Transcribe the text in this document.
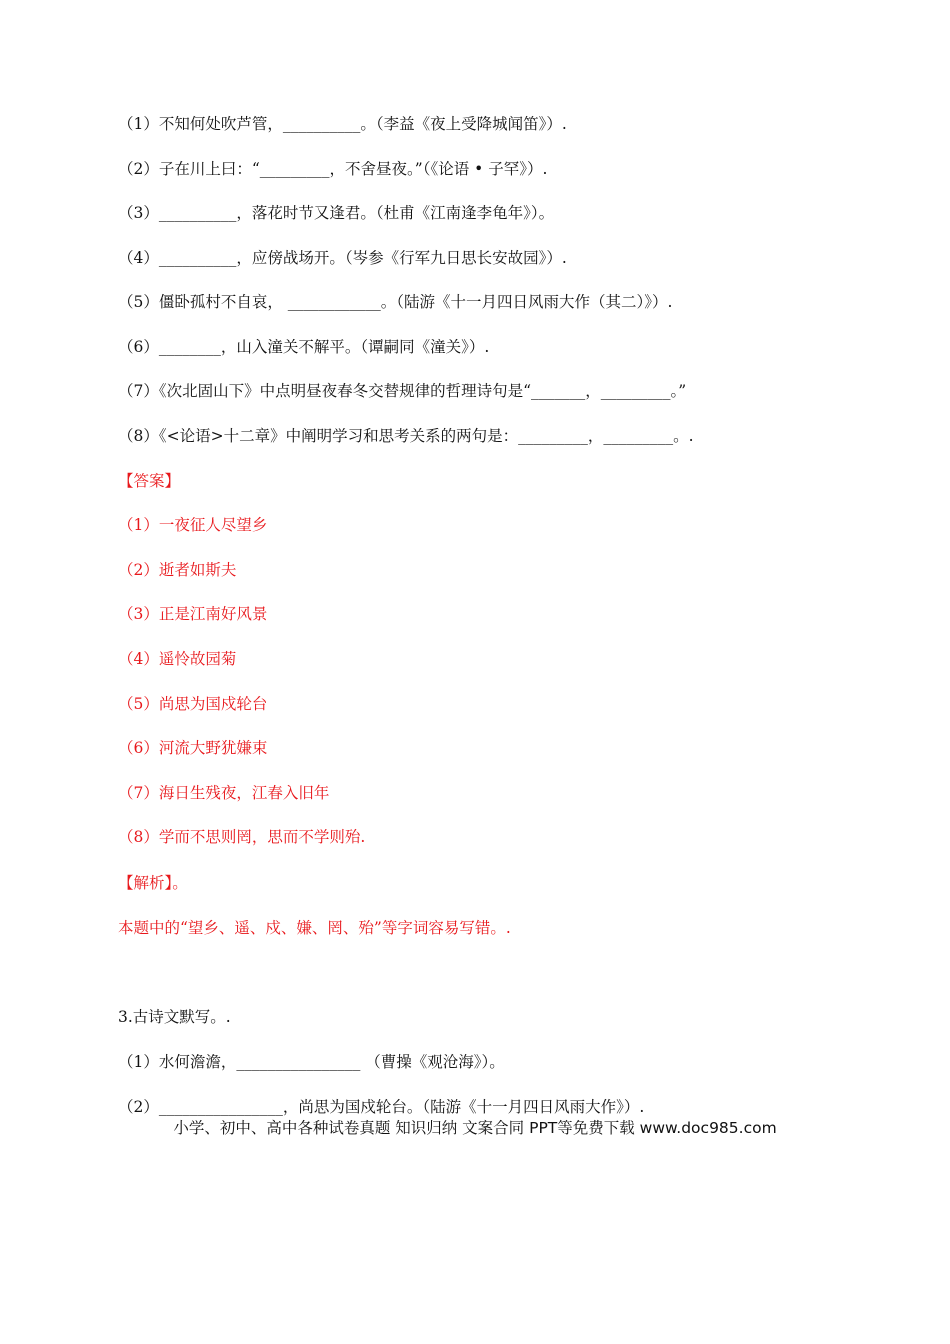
（1）不知何处吹芦管，__________。（李益《夜上受降城闻笛》）.
（2）子在川上曰：“_________，不舍昼夜。”（《论语 • 子罕》）.
（3）__________，落花时节又逢君。（杜甫《江南逢李龟年》）。
（4）__________，应傍战场开。（岑参《行军九日思长安故园》）.
（5）僵卧孤村不自哀， ____________。（陆游《十一月四日风雨大作（其二）》）.
（6）________，山入潼关不解平。（谭嗣同《潼关》）.
（7）《次北固山下》中点明昼夜春冬交替规律的哲理诗句是“_______，_________。”
（8）《<论语>十二章》中阐明学习和思考关系的两句是：_________，_________。.
【答案】
（1）一夜征人尽望乡
（2）逝者如斯夫
（3）正是江南好风景
（4）遥怜故园菊
（5）尚思为国戍轮台
（6）河流大野犹嫌束
（7）海日生残夜，江春入旧年
（8）学而不思则罔，思而不学则殆.
【解析】。
本题中的“望乡、遥、戍、嫌、罔、殆”等字词容易写错。.
3.古诗文默写。.
（1）水何澹澹，________________ （曹操《观沧海》）。
（2）________________，尚思为国戍轮台。（陆游《十一月四日风雨大作》）.
小学、初中、高中各种试卷真题 知识归纳 文案合同 PPT等免费下载 www.doc985.com
